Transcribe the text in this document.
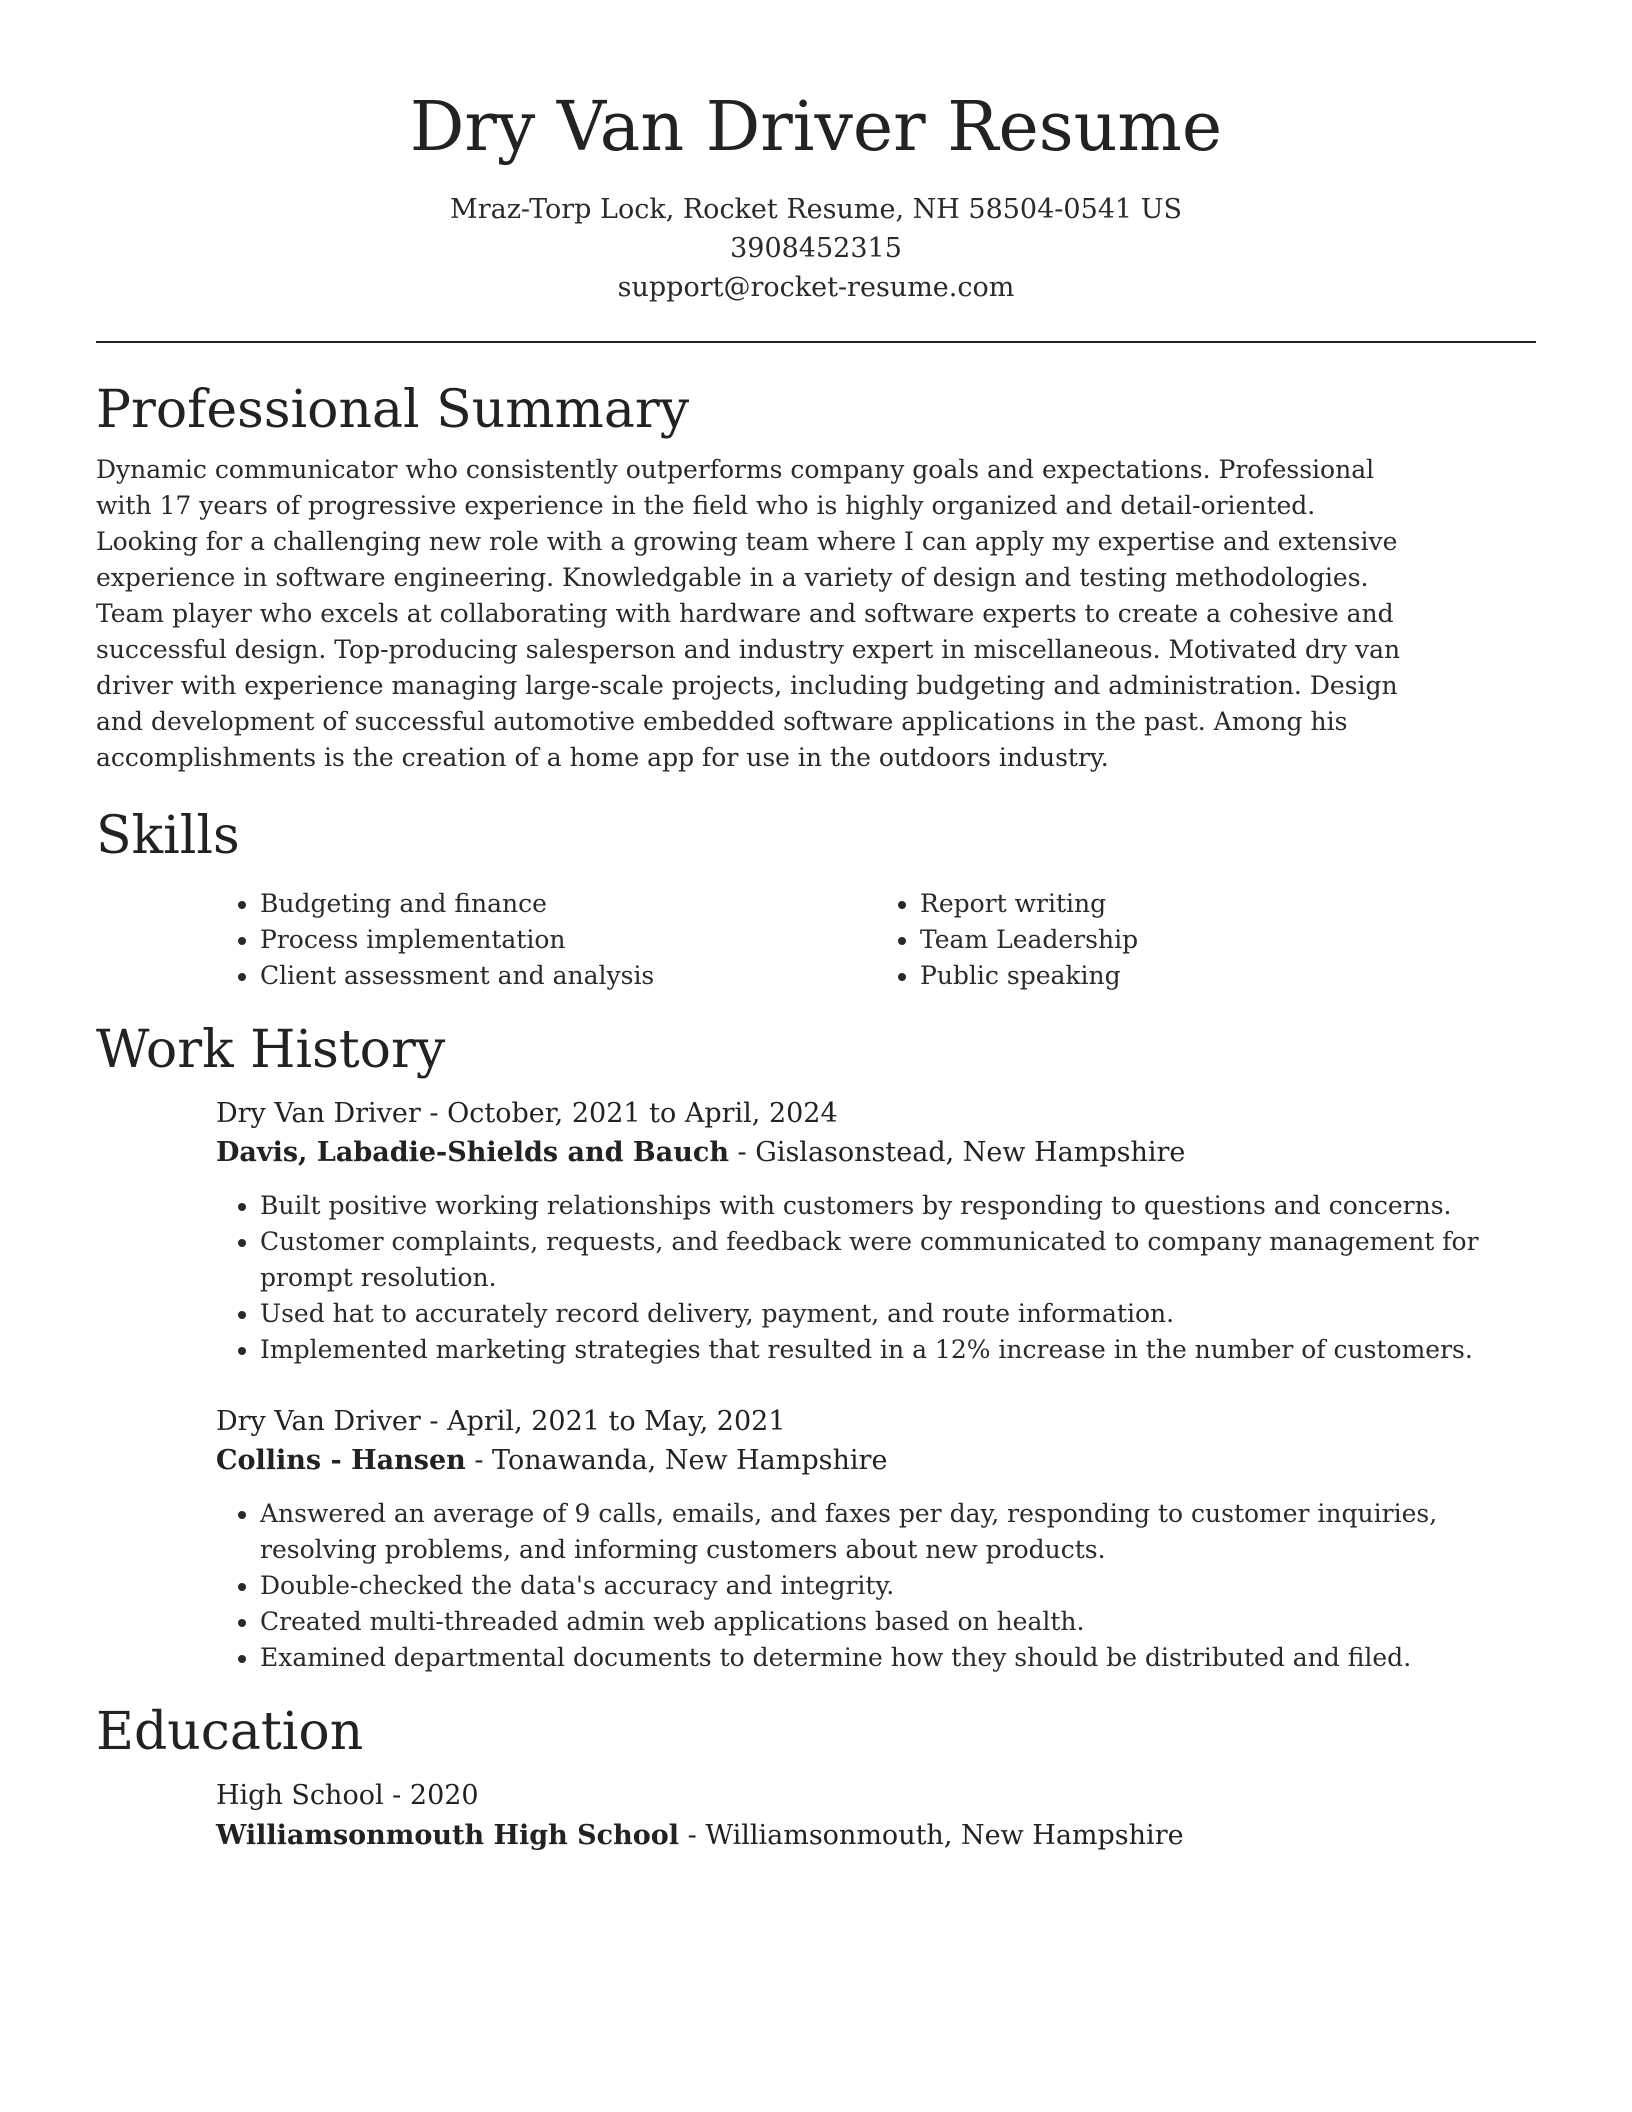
Dry Van Driver Resume
Mraz-Torp Lock, Rocket Resume, NH 58504-0541 US
3908452315
support@rocket-resume.com
Professional Summary

Dynamic communicator who consistently outperforms company goals and expectations. Professional with 17 years of progressive experience in the field who is highly organized and detail-oriented. Looking for a challenging new role with a growing team where I can apply my expertise and extensive experience in software engineering. Knowledgable in a variety of design and testing methodologies. Team player who excels at collaborating with hardware and software experts to create a cohesive and successful design. Top-producing salesperson and industry expert in miscellaneous. Motivated dry van driver with experience managing large-scale projects, including budgeting and administration. Design and development of successful automotive embedded software applications in the past. Among his accomplishments is the creation of a home app for use in the outdoors industry.

Skills
• Budgeting and finance
• Process implementation
• Client assessment and analysis
• Report writing
• Team Leadership
• Public speaking
Work History
Dry Van Driver - October, 2021 to April, 2024
Davis, Labadie-Shields and Bauch - Gislasonstead, New Hampshire
• Built positive working relationships with customers by responding to questions and concerns.
• Customer complaints, requests, and feedback were communicated to company management for prompt resolution.
• Used hat to accurately record delivery, payment, and route information.
• Implemented marketing strategies that resulted in a 12% increase in the number of customers.
Dry Van Driver - April, 2021 to May, 2021
Collins - Hansen - Tonawanda, New Hampshire
• Answered an average of 9 calls, emails, and faxes per day, responding to customer inquiries, resolving problems, and informing customers about new products.
• Double-checked the data's accuracy and integrity.
• Created multi-threaded admin web applications based on health.
• Examined departmental documents to determine how they should be distributed and filed.
Education
High School - 2020
Williamsonmouth High School - Williamsonmouth, New Hampshire
